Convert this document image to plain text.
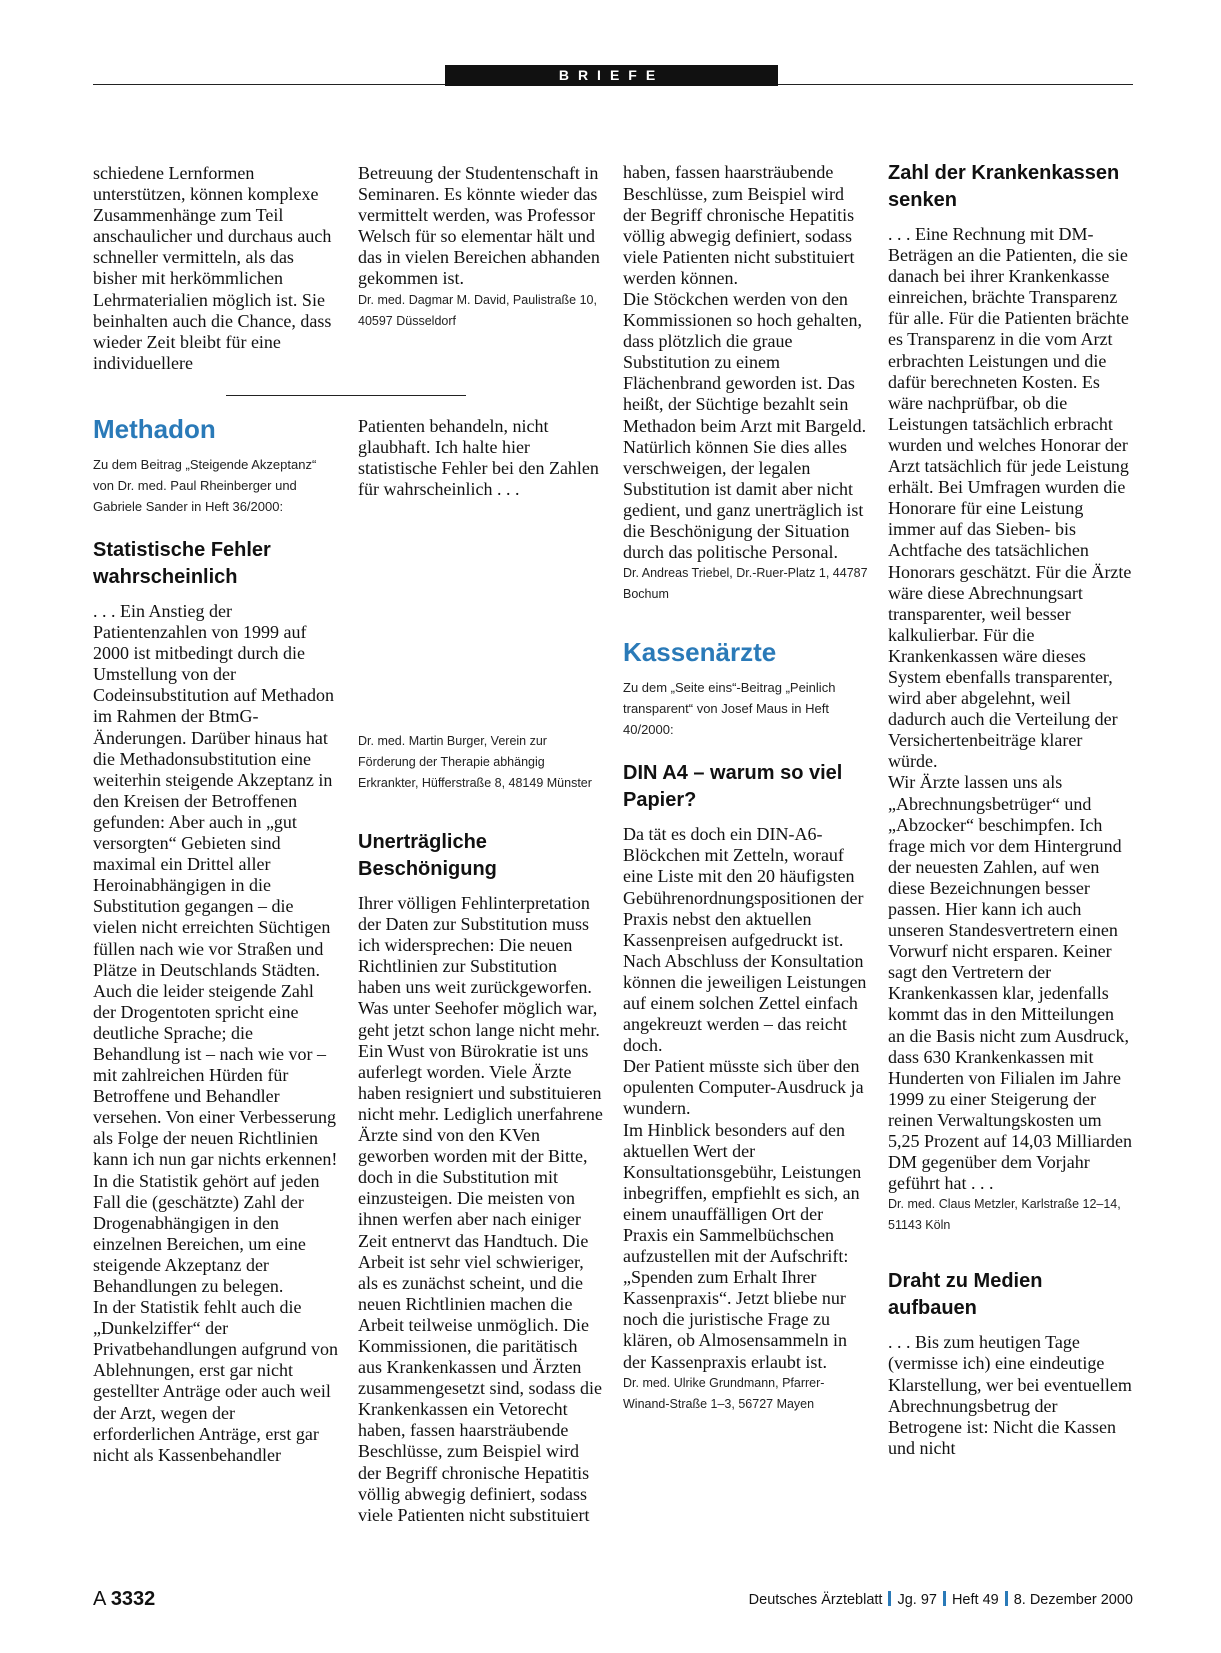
BRIEFE

schiedene Lernformen unterstützen, können komplexe Zusammenhänge zum Teil anschaulicher und durchaus auch schneller vermitteln, als das bisher mit herkömmlichen Lehrmaterialien möglich ist. Sie beinhalten auch die Chance, dass wieder Zeit bleibt für eine individuellere

Betreuung der Studentenschaft in Seminaren. Es könnte wieder das vermittelt werden, was Professor Welsch für so elementar hält und das in vielen Bereichen abhanden gekommen ist.

Dr. med. Dagmar M. David, Paulistraße 10, 40597 Düsseldorf

Methadon

Zu dem Beitrag „Steigende Akzeptanz“ von Dr. med. Paul Rheinberger und Gabriele Sander in Heft 36/2000:

Statistische Fehler wahrscheinlich

. . . Ein Anstieg der Patientenzahlen von 1999 auf 2000 ist mitbedingt durch die Umstellung von der Codeinsubstitution auf Methadon im Rahmen der BtmG-Änderungen. Darüber hinaus hat die Methadonsubstitution eine weiterhin steigende Akzeptanz in den Kreisen der Betroffenen gefunden: Aber auch in „gut versorgten“ Gebieten sind maximal ein Drittel aller Heroinabhängigen in die Substitution gegangen – die vielen nicht erreichten Süchtigen füllen nach wie vor Straßen und Plätze in Deutschlands Städten. Auch die leider steigende Zahl der Drogentoten spricht eine deutliche Sprache; die Behandlung ist – nach wie vor – mit zahlreichen Hürden für Betroffene und Behandler versehen. Von einer Verbesserung als Folge der neuen Richtlinien kann ich nun gar nichts erkennen! In die Statistik gehört auf jeden Fall die (geschätzte) Zahl der Drogenabhängigen in den einzelnen Bereichen, um eine steigende Akzeptanz der Behandlungen zu belegen.

In der Statistik fehlt auch die „Dunkelziffer“ der Privatbehandlungen aufgrund von Ablehnungen, erst gar nicht gestellter Anträge oder auch weil der Arzt, wegen der erforderlichen Anträge, erst gar nicht als Kassenbehandler

Patienten behandeln, nicht glaubhaft. Ich halte hier statistische Fehler bei den Zahlen für wahrscheinlich . . .

Dr. med. Martin Burger, Verein zur Förderung der Therapie abhängig Erkrankter, Hüfferstraße 8, 48149 Münster

Unerträgliche Beschönigung

Ihrer völligen Fehlinterpretation der Daten zur Substitution muss ich widersprechen: Die neuen Richtlinien zur Substitution haben uns weit zurückgeworfen. Was unter Seehofer möglich war, geht jetzt schon lange nicht mehr. Ein Wust von Bürokratie ist uns auferlegt worden. Viele Ärzte haben resigniert und substituieren nicht mehr. Lediglich unerfahrene Ärzte sind von den KVen geworben worden mit der Bitte, doch in die Substitution mit einzusteigen. Die meisten von ihnen werfen aber nach einiger Zeit entnervt das Handtuch. Die Arbeit ist sehr viel schwieriger, als es zunächst scheint, und die neuen Richtlinien machen die Arbeit teilweise unmöglich. Die Kommissionen, die paritätisch aus Krankenkassen und Ärzten zusammengesetzt sind, sodass die Krankenkassen ein Vetorecht haben, fassen haarsträubende Beschlüsse, zum Beispiel wird der Begriff chronische Hepatitis völlig abwegig definiert, sodass viele Patienten nicht substituiert

haben, fassen haarsträubende Beschlüsse, zum Beispiel wird der Begriff chronische Hepatitis völlig abwegig definiert, sodass viele Patienten nicht substituiert werden können.

Die Stöckchen werden von den Kommissionen so hoch gehalten, dass plötzlich die graue Substitution zu einem Flächenbrand geworden ist. Das heißt, der Süchtige bezahlt sein Methadon beim Arzt mit Bargeld.

Natürlich können Sie dies alles verschweigen, der legalen Substitution ist damit aber nicht gedient, und ganz unerträglich ist die Beschönigung der Situation durch das politische Personal.

Dr. Andreas Triebel, Dr.-Ruer-Platz 1, 44787 Bochum

Kassenärzte

Zu dem „Seite eins“-Beitrag „Peinlich transparent“ von Josef Maus in Heft 40/2000:

DIN A4 – warum so viel Papier?

Da tät es doch ein DIN-A6-Blöckchen mit Zetteln, worauf eine Liste mit den 20 häufigsten Gebührenordnungspositionen der Praxis nebst den aktuellen Kassenpreisen aufgedruckt ist. Nach Abschluss der Konsultation können die jeweiligen Leistungen auf einem solchen Zettel einfach angekreuzt werden – das reicht doch.

Der Patient müsste sich über den opulenten Computer-Ausdruck ja wundern.

Im Hinblick besonders auf den aktuellen Wert der Konsultationsgebühr, Leistungen inbegriffen, empfiehlt es sich, an einem unauffälligen Ort der Praxis ein Sammelbüchschen aufzustellen mit der Aufschrift: „Spenden zum Erhalt Ihrer Kassenpraxis“. Jetzt bliebe nur noch die juristische Frage zu klären, ob Almosensammeln in der Kassenpraxis erlaubt ist.

Dr. med. Ulrike Grundmann, Pfarrer-Winand-Straße 1–3, 56727 Mayen

Zahl der Krankenkassen senken

. . . Eine Rechnung mit DM-Beträgen an die Patienten, die sie danach bei ihrer Krankenkasse einreichen, brächte Transparenz für alle. Für die Patienten brächte es Transparenz in die vom Arzt erbrachten Leistungen und die dafür berechneten Kosten. Es wäre nachprüfbar, ob die Leistungen tatsächlich erbracht wurden und welches Honorar der Arzt tatsächlich für jede Leistung erhält. Bei Umfragen wurden die Honorare für eine Leistung immer auf das Sieben- bis Achtfache des tatsächlichen Honorars geschätzt. Für die Ärzte wäre diese Abrechnungsart transparenter, weil besser kalkulierbar. Für die Krankenkassen wäre dieses System ebenfalls transparenter, wird aber abgelehnt, weil dadurch auch die Verteilung der Versichertenbeiträge klarer würde.

Wir Ärzte lassen uns als „Abrechnungsbetrüger“ und „Abzocker“ beschimpfen. Ich frage mich vor dem Hintergrund der neuesten Zahlen, auf wen diese Bezeichnungen besser passen. Hier kann ich auch unseren Standesvertretern einen Vorwurf nicht ersparen. Keiner sagt den Vertretern der Krankenkassen klar, jedenfalls kommt das in den Mitteilungen an die Basis nicht zum Ausdruck, dass 630 Krankenkassen mit Hunderten von Filialen im Jahre 1999 zu einer Steigerung der reinen Verwaltungskosten um 5,25 Prozent auf 14,03 Milliarden DM gegenüber dem Vorjahr geführt hat . . .

Dr. med. Claus Metzler, Karlstraße 12–14, 51143 Köln

Draht zu Medien aufbauen

. . . Bis zum heutigen Tage (vermisse ich) eine eindeutige Klarstellung, wer bei eventuellem Abrechnungsbetrug der Betrogene ist: Nicht die Kassen und nicht

A 3332	Deutsches Ärzteblatt Jg. 97 Heft 49 8. Dezember 2000
